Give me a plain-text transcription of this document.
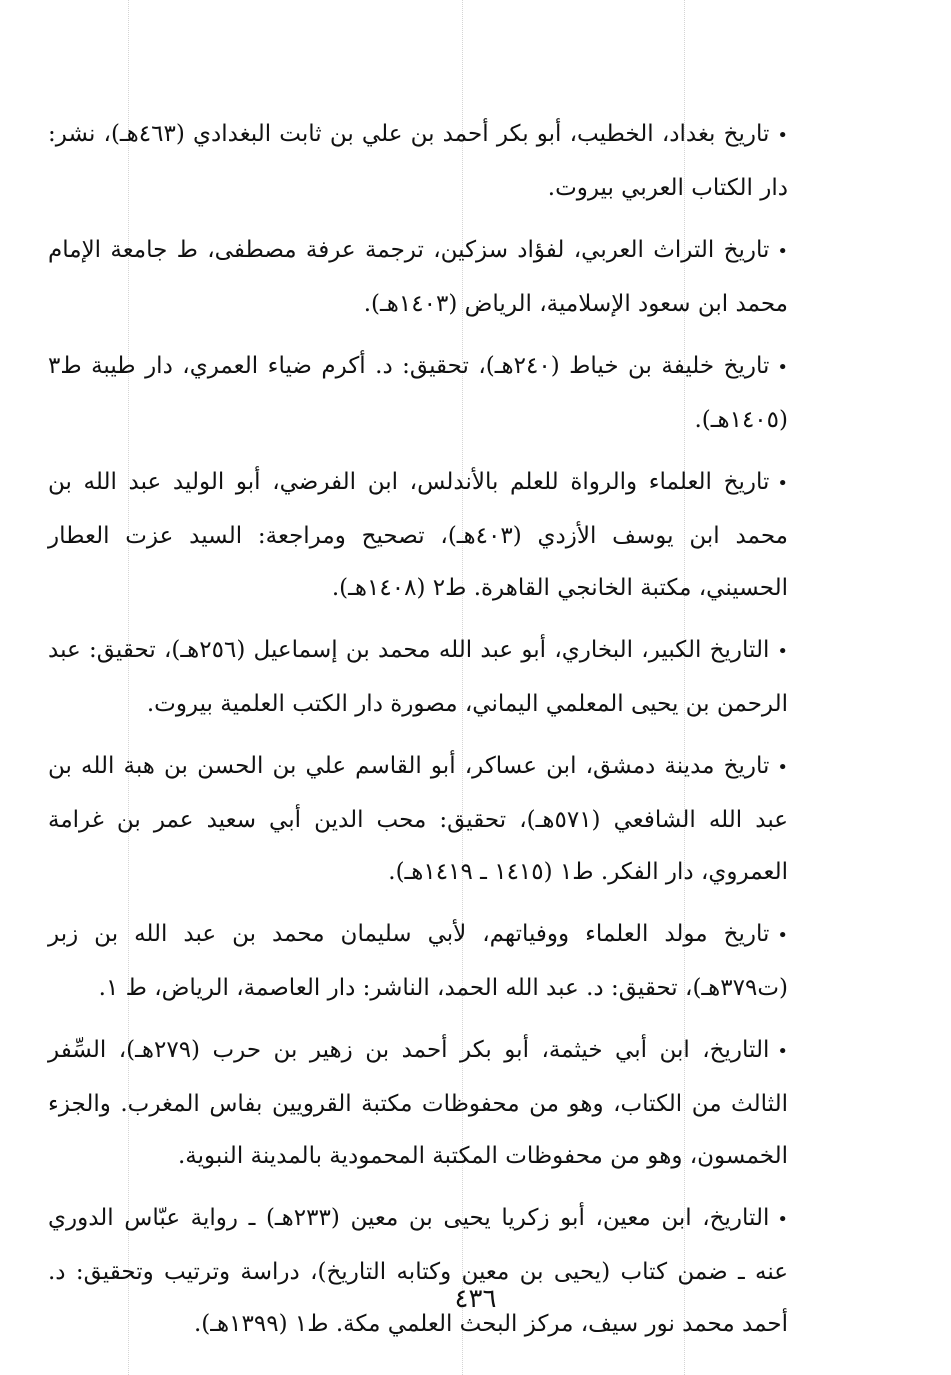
•تاريخ بغداد، الخطيب، أبو بكر أحمد بن علي بن ثابت البغدادي (٤٦٣هـ)، نشر: دار الكتاب العربي بيروت.

•تاريخ التراث العربي، لفؤاد سزكين، ترجمة عرفة مصطفى، ط جامعة الإمام محمد ابن سعود الإسلامية، الرياض (١٤٠٣هـ).

•تاريخ خليفة بن خياط (٢٤٠هـ)، تحقيق: د. أكرم ضياء العمري، دار طيبة ط٣ (١٤٠٥هـ).

•تاريخ العلماء والرواة للعلم بالأندلس، ابن الفرضي، أبو الوليد عبد الله بن محمد ابن يوسف الأزدي (٤٠٣هـ)، تصحيح ومراجعة: السيد عزت العطار الحسيني، مكتبة الخانجي القاهرة. ط٢ (١٤٠٨هـ).

•التاريخ الكبير، البخاري، أبو عبد الله محمد بن إسماعيل (٢٥٦هـ)، تحقيق: عبد الرحمن بن يحيى المعلمي اليماني، مصورة دار الكتب العلمية بيروت.

•تاريخ مدينة دمشق، ابن عساكر، أبو القاسم علي بن الحسن بن هبة الله بن عبد الله الشافعي (٥٧١هـ)، تحقيق: محب الدين أبي سعيد عمر بن غرامة العمروي، دار الفكر. ط١ (١٤١٥ ـ ١٤١٩هـ).

•تاريخ مولد العلماء ووفياتهم، لأبي سليمان محمد بن عبد الله بن زبر (ت٣٧٩هـ)، تحقيق: د. عبد الله الحمد، الناشر: دار العاصمة، الرياض، ط ١.

•التاريخ، ابن أبي خيثمة، أبو بكر أحمد بن زهير بن حرب (٢٧٩هـ)، السِّفر الثالث من الكتاب، وهو من محفوظات مكتبة القرويين بفاس المغرب. والجزء الخمسون، وهو من محفوظات المكتبة المحمودية بالمدينة النبوية.

•التاريخ، ابن معين، أبو زكريا يحيى بن معين (٢٣٣هـ) ـ رواية عبّاس الدوري عنه ـ ضمن كتاب (يحيى بن معين وكتابه التاريخ)، دراسة وترتيب وتحقيق: د. أحمد محمد نور سيف، مركز البحث العلمي مكة. ط١ (١٣٩٩هـ).

٤٣٦
